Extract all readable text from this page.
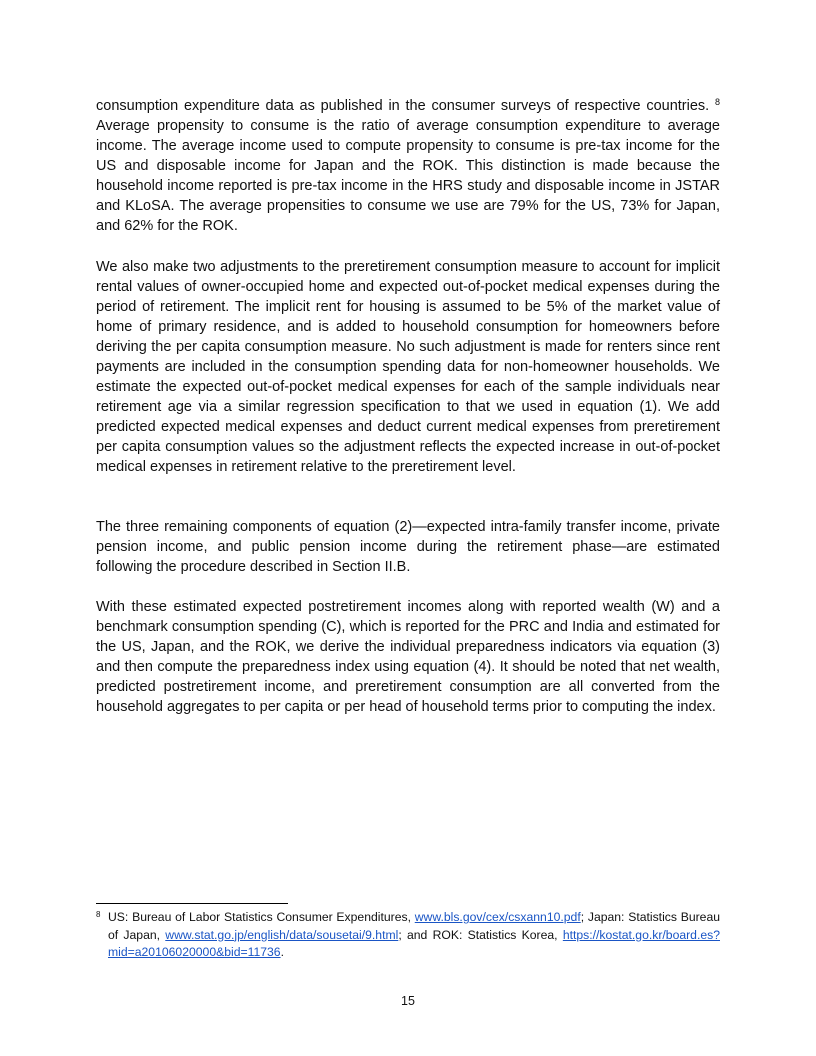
consumption expenditure data as published in the consumer surveys of respective countries. $^8$ Average propensity to consume is the ratio of average consumption expenditure to average income. The average income used to compute propensity to consume is pre-tax income for the US and disposable income for Japan and the ROK. This distinction is made because the household income reported is pre-tax income in the HRS study and disposable income in JSTAR and KLoSA. The average propensities to consume we use are 79% for the US, 73% for Japan, and 62% for the ROK.

We also make two adjustments to the preretirement consumption measure to account for implicit rental values of owner-occupied home and expected out-of-pocket medical expenses during the period of retirement. The implicit rent for housing is assumed to be 5% of the market value of home of primary residence, and is added to household consumption for homeowners before deriving the per capita consumption measure. No such adjustment is made for renters since rent payments are included in the consumption spending data for non-homeowner households. We estimate the expected out-of-pocket medical expenses for each of the sample individuals near retirement age via a similar regression specification to that we used in equation (1). We add predicted expected medical expenses and deduct current medical expenses from preretirement per capita consumption values so the adjustment reflects the expected increase in out-of-pocket medical expenses in retirement relative to the preretirement level.

The three remaining components of equation (2)—expected intra-family transfer income, private pension income, and public pension income during the retirement phase—are estimated following the procedure described in Section II.B.

With these estimated expected postretirement incomes along with reported wealth (W) and a benchmark consumption spending (C), which is reported for the PRC and India and estimated for the US, Japan, and the ROK, we derive the individual preparedness indicators via equation (3) and then compute the preparedness index using equation (4). It should be noted that net wealth, predicted postretirement income, and preretirement consumption are all converted from the household aggregates to per capita or per head of household terms prior to computing the index.

8 US: Bureau of Labor Statistics Consumer Expenditures, www.bls.gov/cex/csxann10.pdf; Japan: Statistics Bureau of Japan, www.stat.go.jp/english/data/sousetai/9.html; and ROK: Statistics Korea, https://kostat.go.kr/board.es?mid=a20106020000&bid=11736.
15
